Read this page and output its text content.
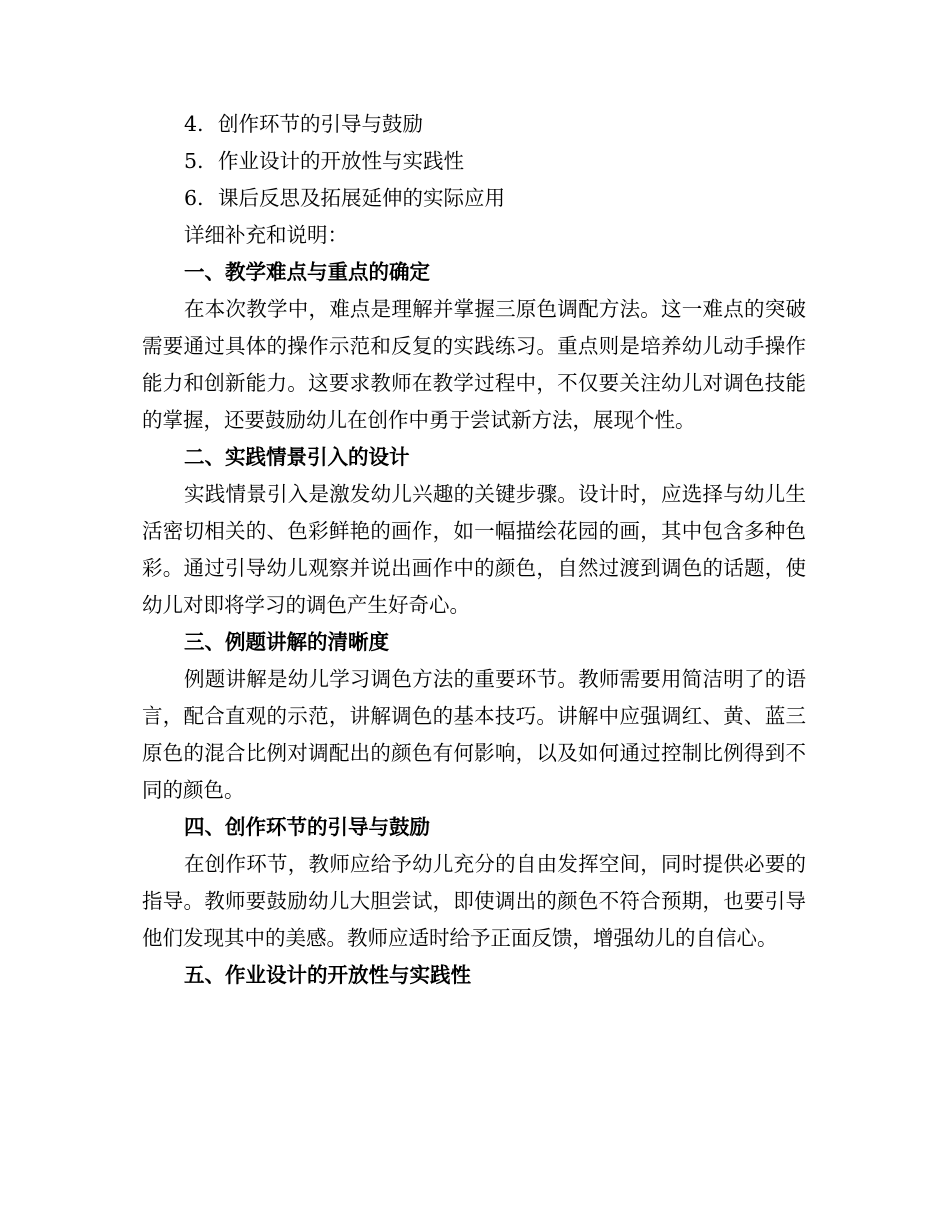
4. 创作环节的引导与鼓励

5. 作业设计的开放性与实践性

6. 课后反思及拓展延伸的实际应用

详细补充和说明：

一、教学难点与重点的确定

在本次教学中，难点是理解并掌握三原色调配方法。这一难点的突破需要通过具体的操作示范和反复的实践练习。重点则是培养幼儿动手操作能力和创新能力。这要求教师在教学过程中，不仅要关注幼儿对调色技能的掌握，还要鼓励幼儿在创作中勇于尝试新方法，展现个性。

二、实践情景引入的设计

实践情景引入是激发幼儿兴趣的关键步骤。设计时，应选择与幼儿生活密切相关的、色彩鲜艳的画作，如一幅描绘花园的画，其中包含多种色彩。通过引导幼儿观察并说出画作中的颜色，自然过渡到调色的话题，使幼儿对即将学习的调色产生好奇心。

三、例题讲解的清晰度

例题讲解是幼儿学习调色方法的重要环节。教师需要用简洁明了的语言，配合直观的示范，讲解调色的基本技巧。讲解中应强调红、黄、蓝三原色的混合比例对调配出的颜色有何影响，以及如何通过控制比例得到不同的颜色。

四、创作环节的引导与鼓励

在创作环节，教师应给予幼儿充分的自由发挥空间，同时提供必要的指导。教师要鼓励幼儿大胆尝试，即使调出的颜色不符合预期，也要引导他们发现其中的美感。教师应适时给予正面反馈，增强幼儿的自信心。

五、作业设计的开放性与实践性
